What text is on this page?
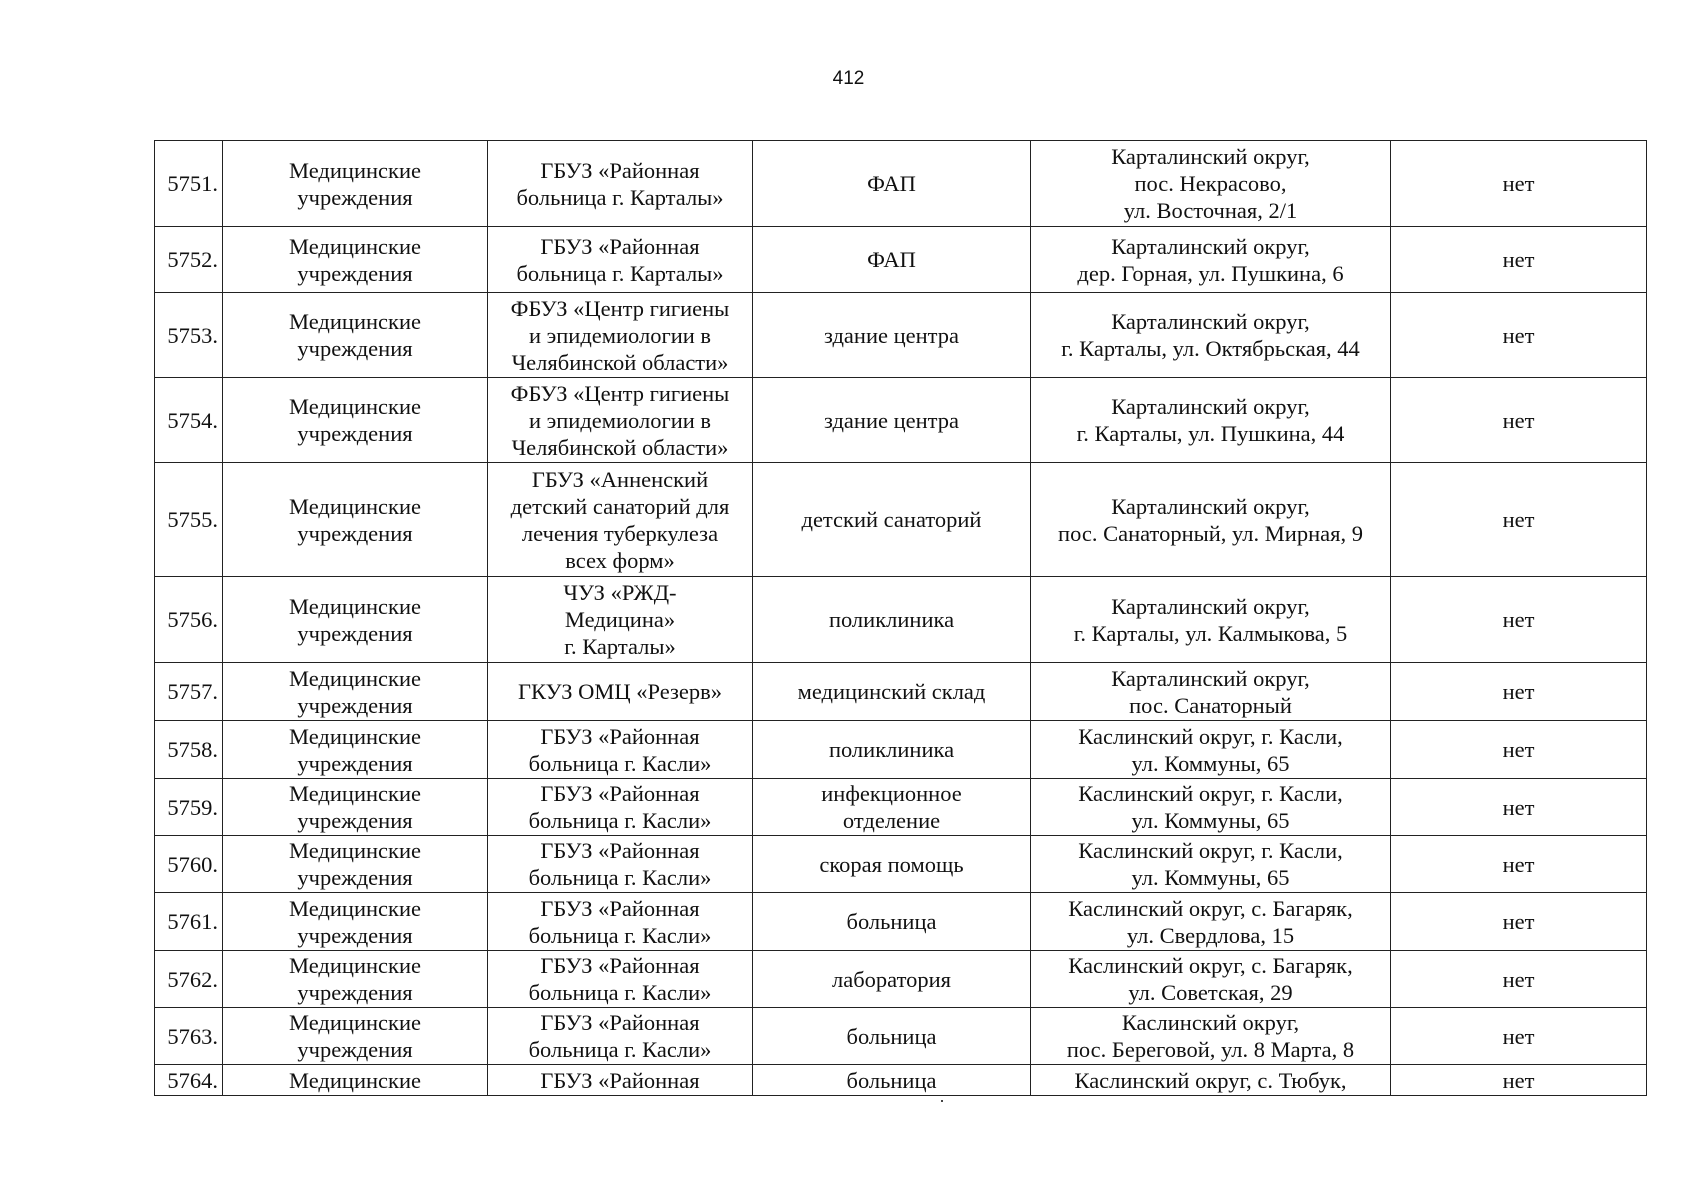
412
5751.	Медицинские
учреждения	ГБУЗ «Районная
больница г. Карталы»	ФАП	Карталинский округ,
пос. Некрасово,
ул. Восточная, 2/1	нет

5752.	Медицинские
учреждения	ГБУЗ «Районная
больница г. Карталы»	ФАП	Карталинский округ,
дер. Горная, ул. Пушкина, 6	нет

5753.	Медицинские
учреждения	ФБУЗ «Центр гигиены
и эпидемиологии в
Челябинской области»	здание центра	Карталинский округ,
г. Карталы, ул. Октябрьская, 44	нет

5754.	Медицинские
учреждения	ФБУЗ «Центр гигиены
и эпидемиологии в
Челябинской области»	здание центра	Карталинский округ,
г. Карталы, ул. Пушкина, 44	нет

5755.	Медицинские
учреждения	ГБУЗ «Анненский
детский санаторий для
лечения туберкулеза
всех форм»	детский санаторий	Карталинский округ,
пос. Санаторный, ул. Мирная, 9	нет

5756.	Медицинские
учреждения	ЧУЗ «РЖД-
Медицина»
г. Карталы»	поликлиника	Карталинский округ,
г. Карталы, ул. Калмыкова, 5	нет

5757.	Медицинские
учреждения	ГКУЗ ОМЦ «Резерв»	медицинский склад	Карталинский округ,
пос. Санаторный	нет

5758.	Медицинские
учреждения	ГБУЗ «Районная
больница г. Касли»	поликлиника	Каслинский округ, г. Касли,
ул. Коммуны, 65	нет

5759.	Медицинские
учреждения	ГБУЗ «Районная
больница г. Касли»	инфекционное
отделение	Каслинский округ, г. Касли,
ул. Коммуны, 65	нет

5760.	Медицинские
учреждения	ГБУЗ «Районная
больница г. Касли»	скорая помощь	Каслинский округ, г. Касли,
ул. Коммуны, 65	нет

5761.	Медицинские
учреждения	ГБУЗ «Районная
больница г. Касли»	больница	Каслинский округ, с. Багаряк,
ул. Свердлова, 15	нет

5762.	Медицинские
учреждения	ГБУЗ «Районная
больница г. Касли»	лаборатория	Каслинский округ, с. Багаряк,
ул. Советская, 29	нет

5763.	Медицинские
учреждения	ГБУЗ «Районная
больница г. Касли»	больница	Каслинский округ,
пос. Береговой, ул. 8 Марта, 8	нет

5764.	Медицинские	ГБУЗ «Районная	больница	Каслинский округ, с. Тюбук,	нет
